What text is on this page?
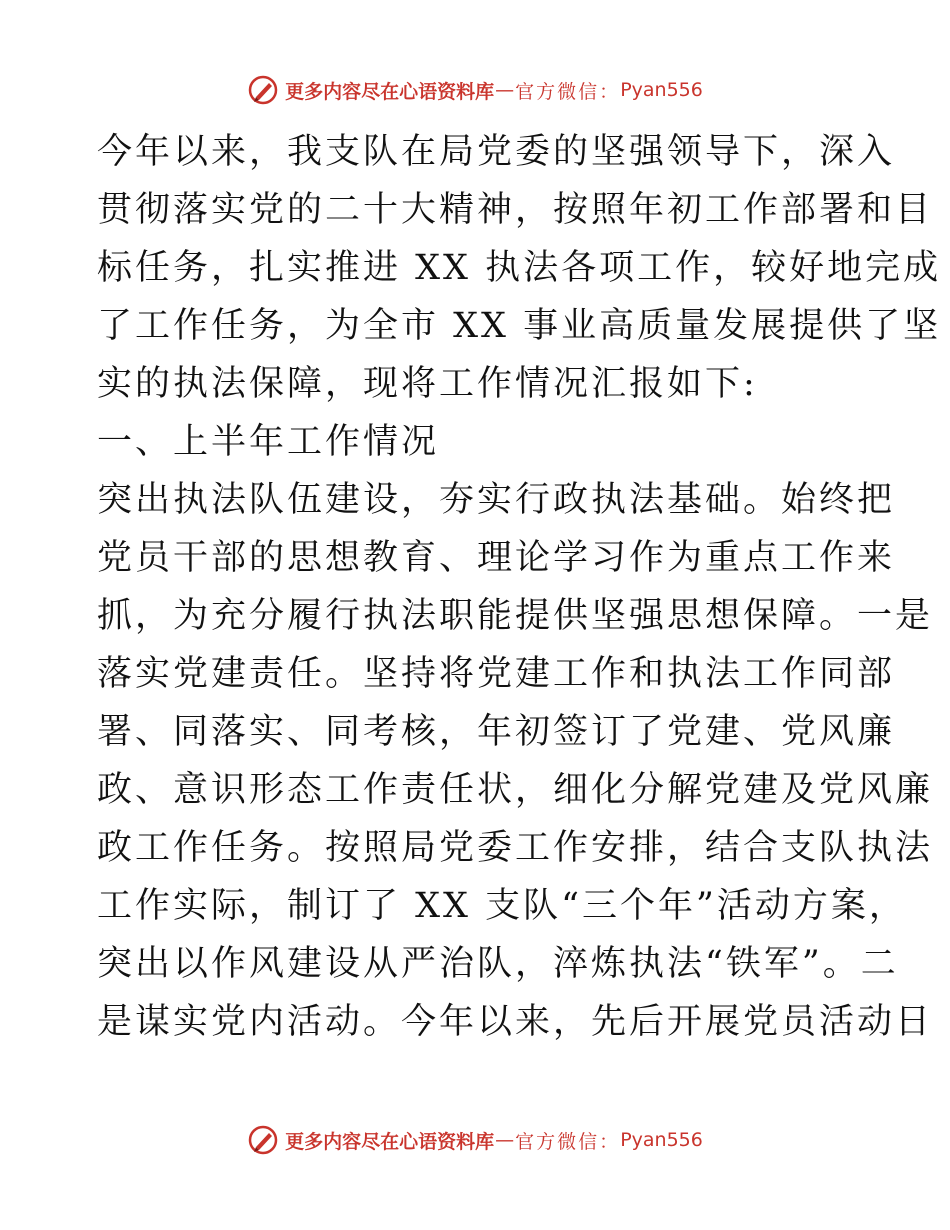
更多内容尽在心语资料库 — 官方微信： Pyan556
今年以来，我支队在局党委的坚强领导下，深入
贯彻落实党的二十大精神，按照年初工作部署和目
标任务，扎实推进 XX 执法各项工作，较好地完成
了工作任务，为全市 XX 事业高质量发展提供了坚
实的执法保障，现将工作情况汇报如下:
一、上半年工作情况
突出执法队伍建设，夯实行政执法基础。始终把
党员干部的思想教育、理论学习作为重点工作来
抓，为充分履行执法职能提供坚强思想保障。一是
落实党建责任。坚持将党建工作和执法工作同部
署、同落实、同考核，年初签订了党建、党风廉
政、意识形态工作责任状，细化分解党建及党风廉
政工作任务。按照局党委工作安排，结合支队执法
工作实际，制订了 XX 支队“三个年”活动方案，
突出以作风建设从严治队，淬炼执法“铁军”。二
是谋实党内活动。今年以来，先后开展党员活动日
更多内容尽在心语资料库 — 官方微信： Pyan556
